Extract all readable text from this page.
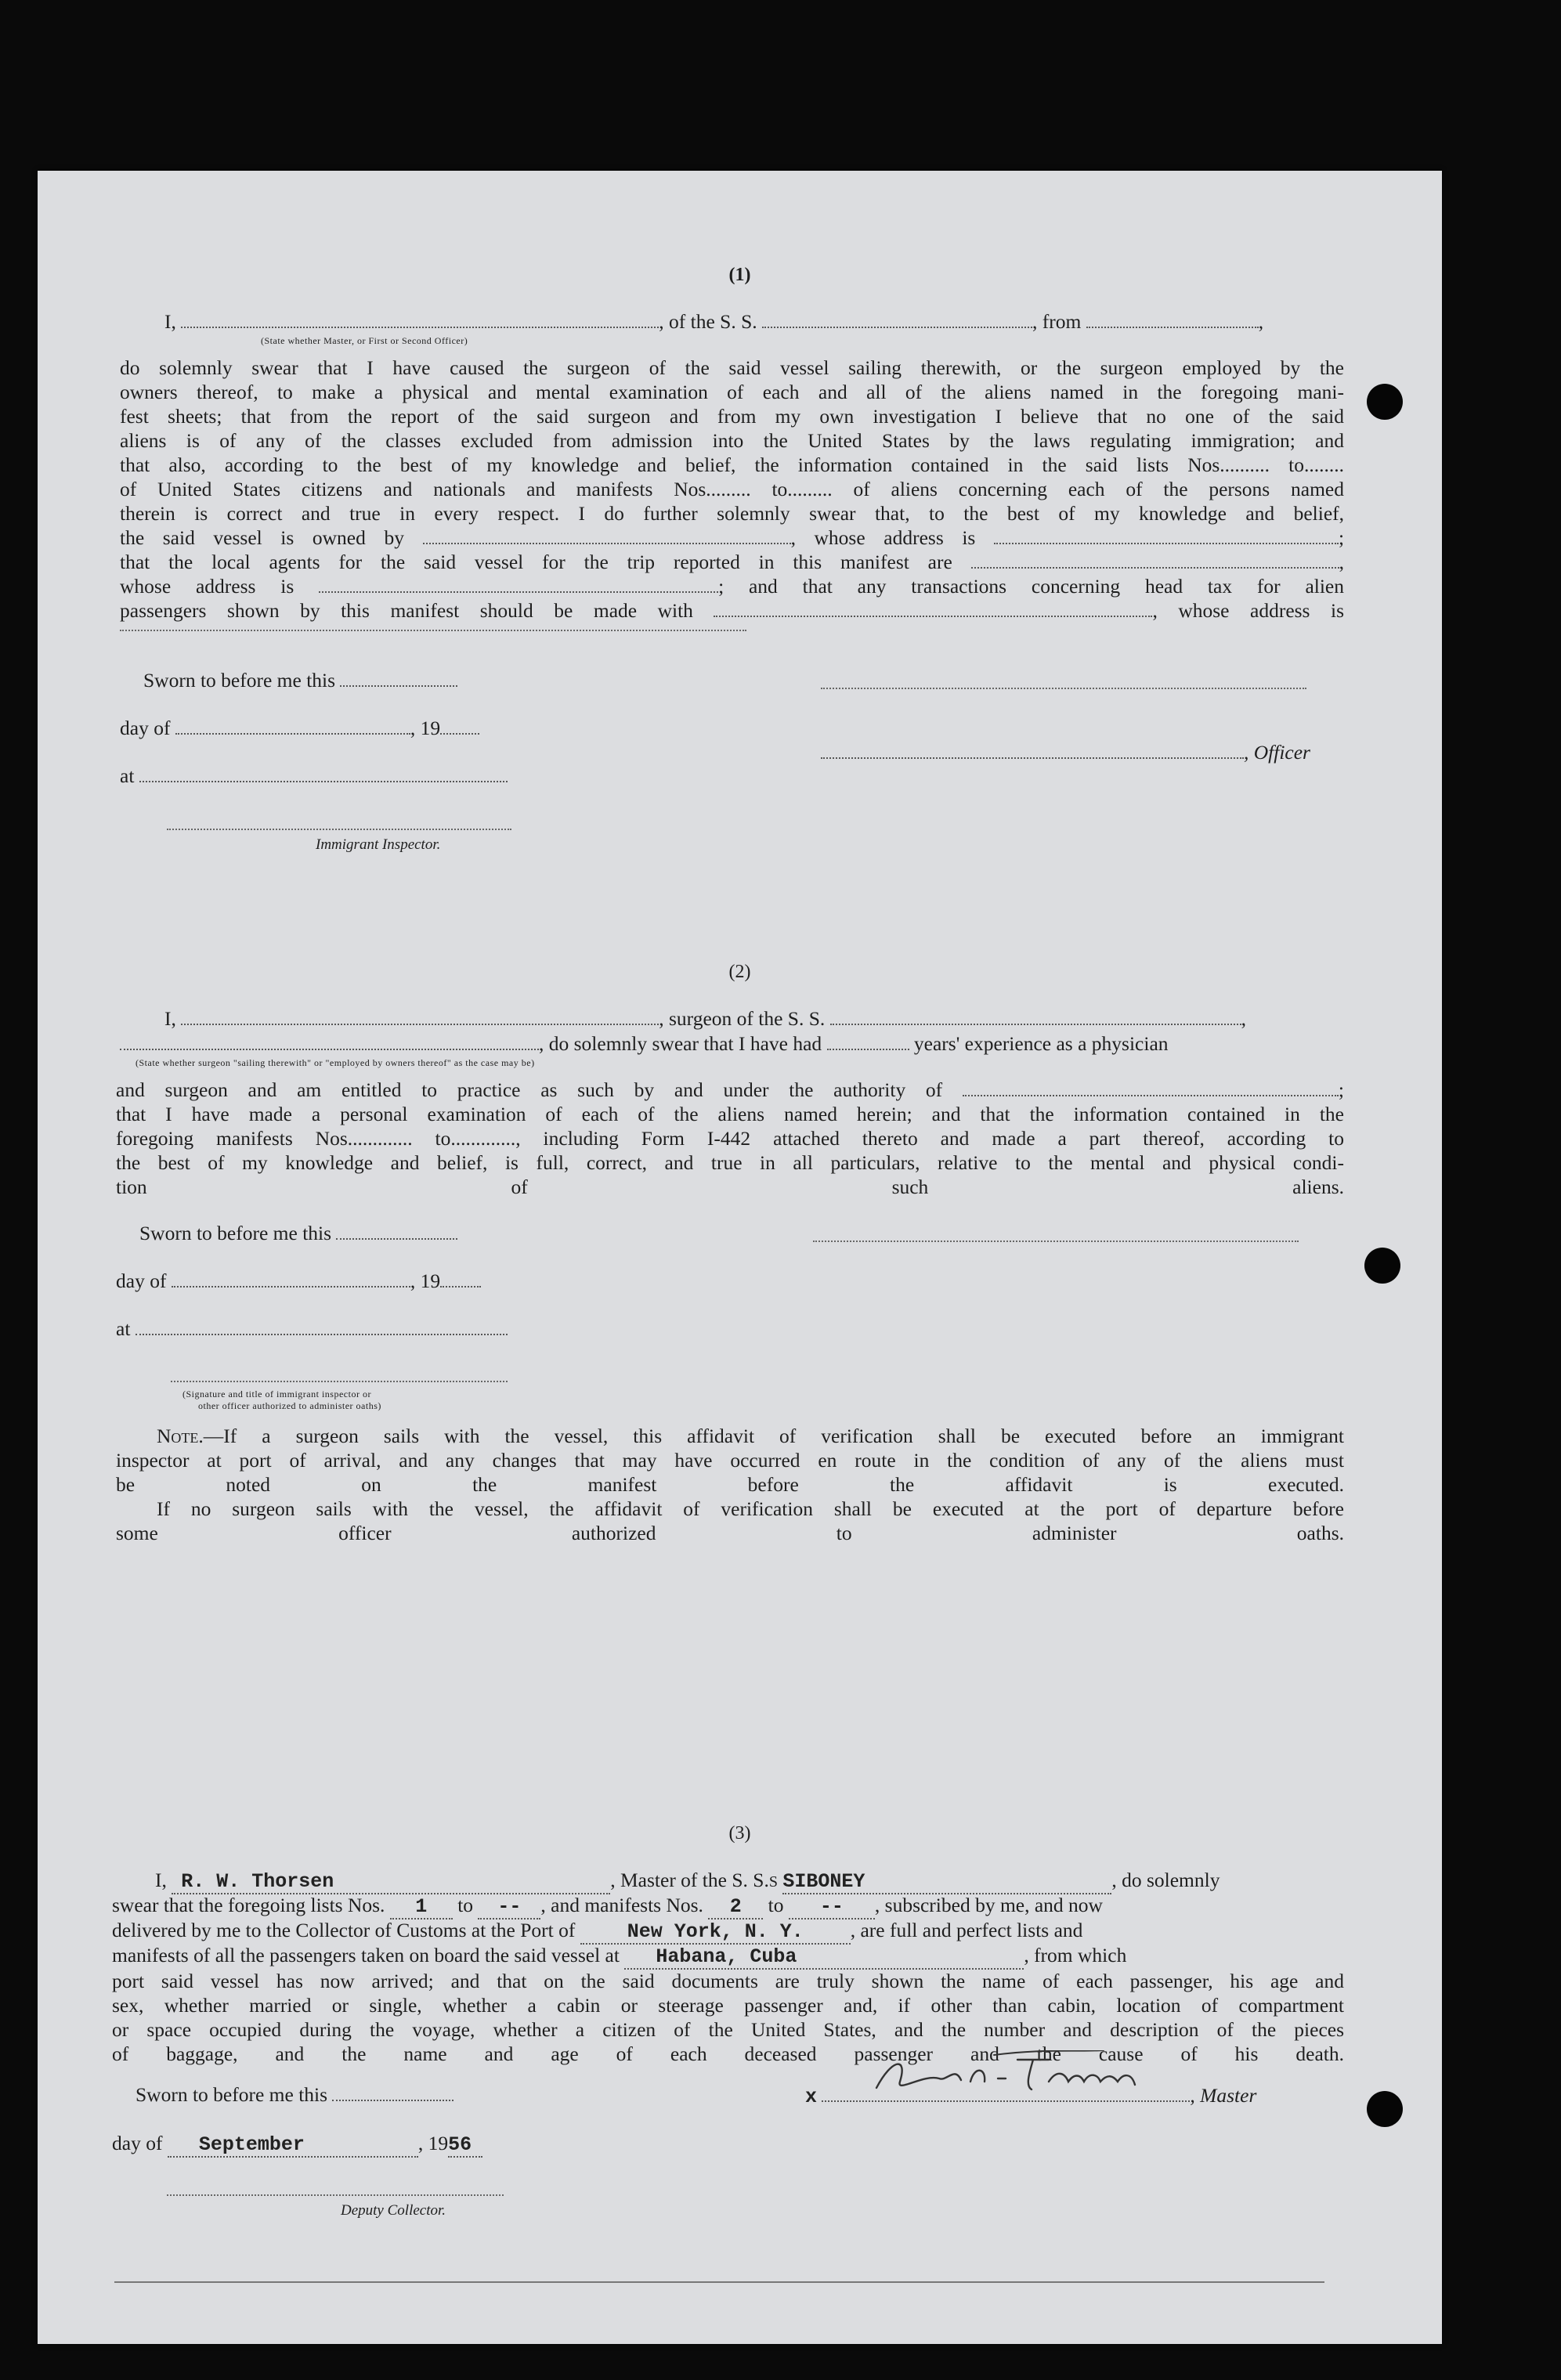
(1)
I,	, of the S. S.	, from	,
(State whether Master, or First or Second Officer)
do solemnly swear that I have caused the surgeon of the said vessel sailing therewith, or the surgeon employed by the
owners thereof, to make a physical and mental examination of each and all of the aliens named in the foregoing mani-
fest sheets; that from the report of the said surgeon and from my own investigation I believe that no one of the said
aliens is of any of the classes excluded from admission into the United States by the laws regulating immigration; and
that also, according to the best of my knowledge and belief, the information contained in the said lists Nos.......... to........
of United States citizens and nationals and manifests Nos......... to......... of aliens concerning each of the persons named
therein is correct and true in every respect. I do further solemnly swear that, to the best of my knowledge and belief,
the said vessel is owned by	, whose address is	;
that the local agents for the said vessel for the trip reported in this manifest are	,
whose address is	; and that any transactions concerning head tax for alien
passengers shown by this manifest should be made with	, whose address is
Sworn to before me this
day of	, 19
at
, Officer
Immigrant Inspector.
(2)
I,	, surgeon of the S. S.	,
, do solemnly swear that I have had	years' experience as a physician
(State whether surgeon "sailing therewith" or "employed by owners thereof" as the case may be)
and surgeon and am entitled to practice as such by and under the authority of	;
that I have made a personal examination of each of the aliens named herein; and that the information contained in the
foregoing manifests Nos............. to............., including Form I-442 attached thereto and made a part thereof, according to
the best of my knowledge and belief, is full, correct, and true in all particulars, relative to the mental and physical condi-
tion of such aliens.
Sworn to before me this
day of	, 19
at
(Signature and title of immigrant inspector or
other officer authorized to administer oaths)
Note.—If a surgeon sails with the vessel, this affidavit of verification shall be executed before an immigrant
inspector at port of arrival, and any changes that may have occurred en route in the condition of any of the aliens must
be noted on the manifest before the affidavit is executed.
If no surgeon sails with the vessel, the affidavit of verification shall be executed at the port of departure before
some officer authorized to administer oaths.
(3)
I, R. W. Thorsen	, Master of the S. S.S SIBONEY	, do solemnly
swear that the foregoing lists Nos. 1 to -- , and manifests Nos. 2 to -- , subscribed by me, and now
delivered by me to the Collector of Customs at the Port of	New York, N. Y. , are full and perfect lists and
manifests of all the passengers taken on board the said vessel at Habana, Cuba	, from which
port said vessel has now arrived; and that on the said documents are truly shown the name of each passenger, his age and
sex, whether married or single, whether a cabin or steerage passenger and, if other than cabin, location of compartment
or space occupied during the voyage, whether a citizen of the United States, and the number and description of the pieces
of baggage, and the name and age of each deceased passenger and the cause of his death.
Sworn to before me this	x	, Master
day of September	, 1956
Deputy Collector.
